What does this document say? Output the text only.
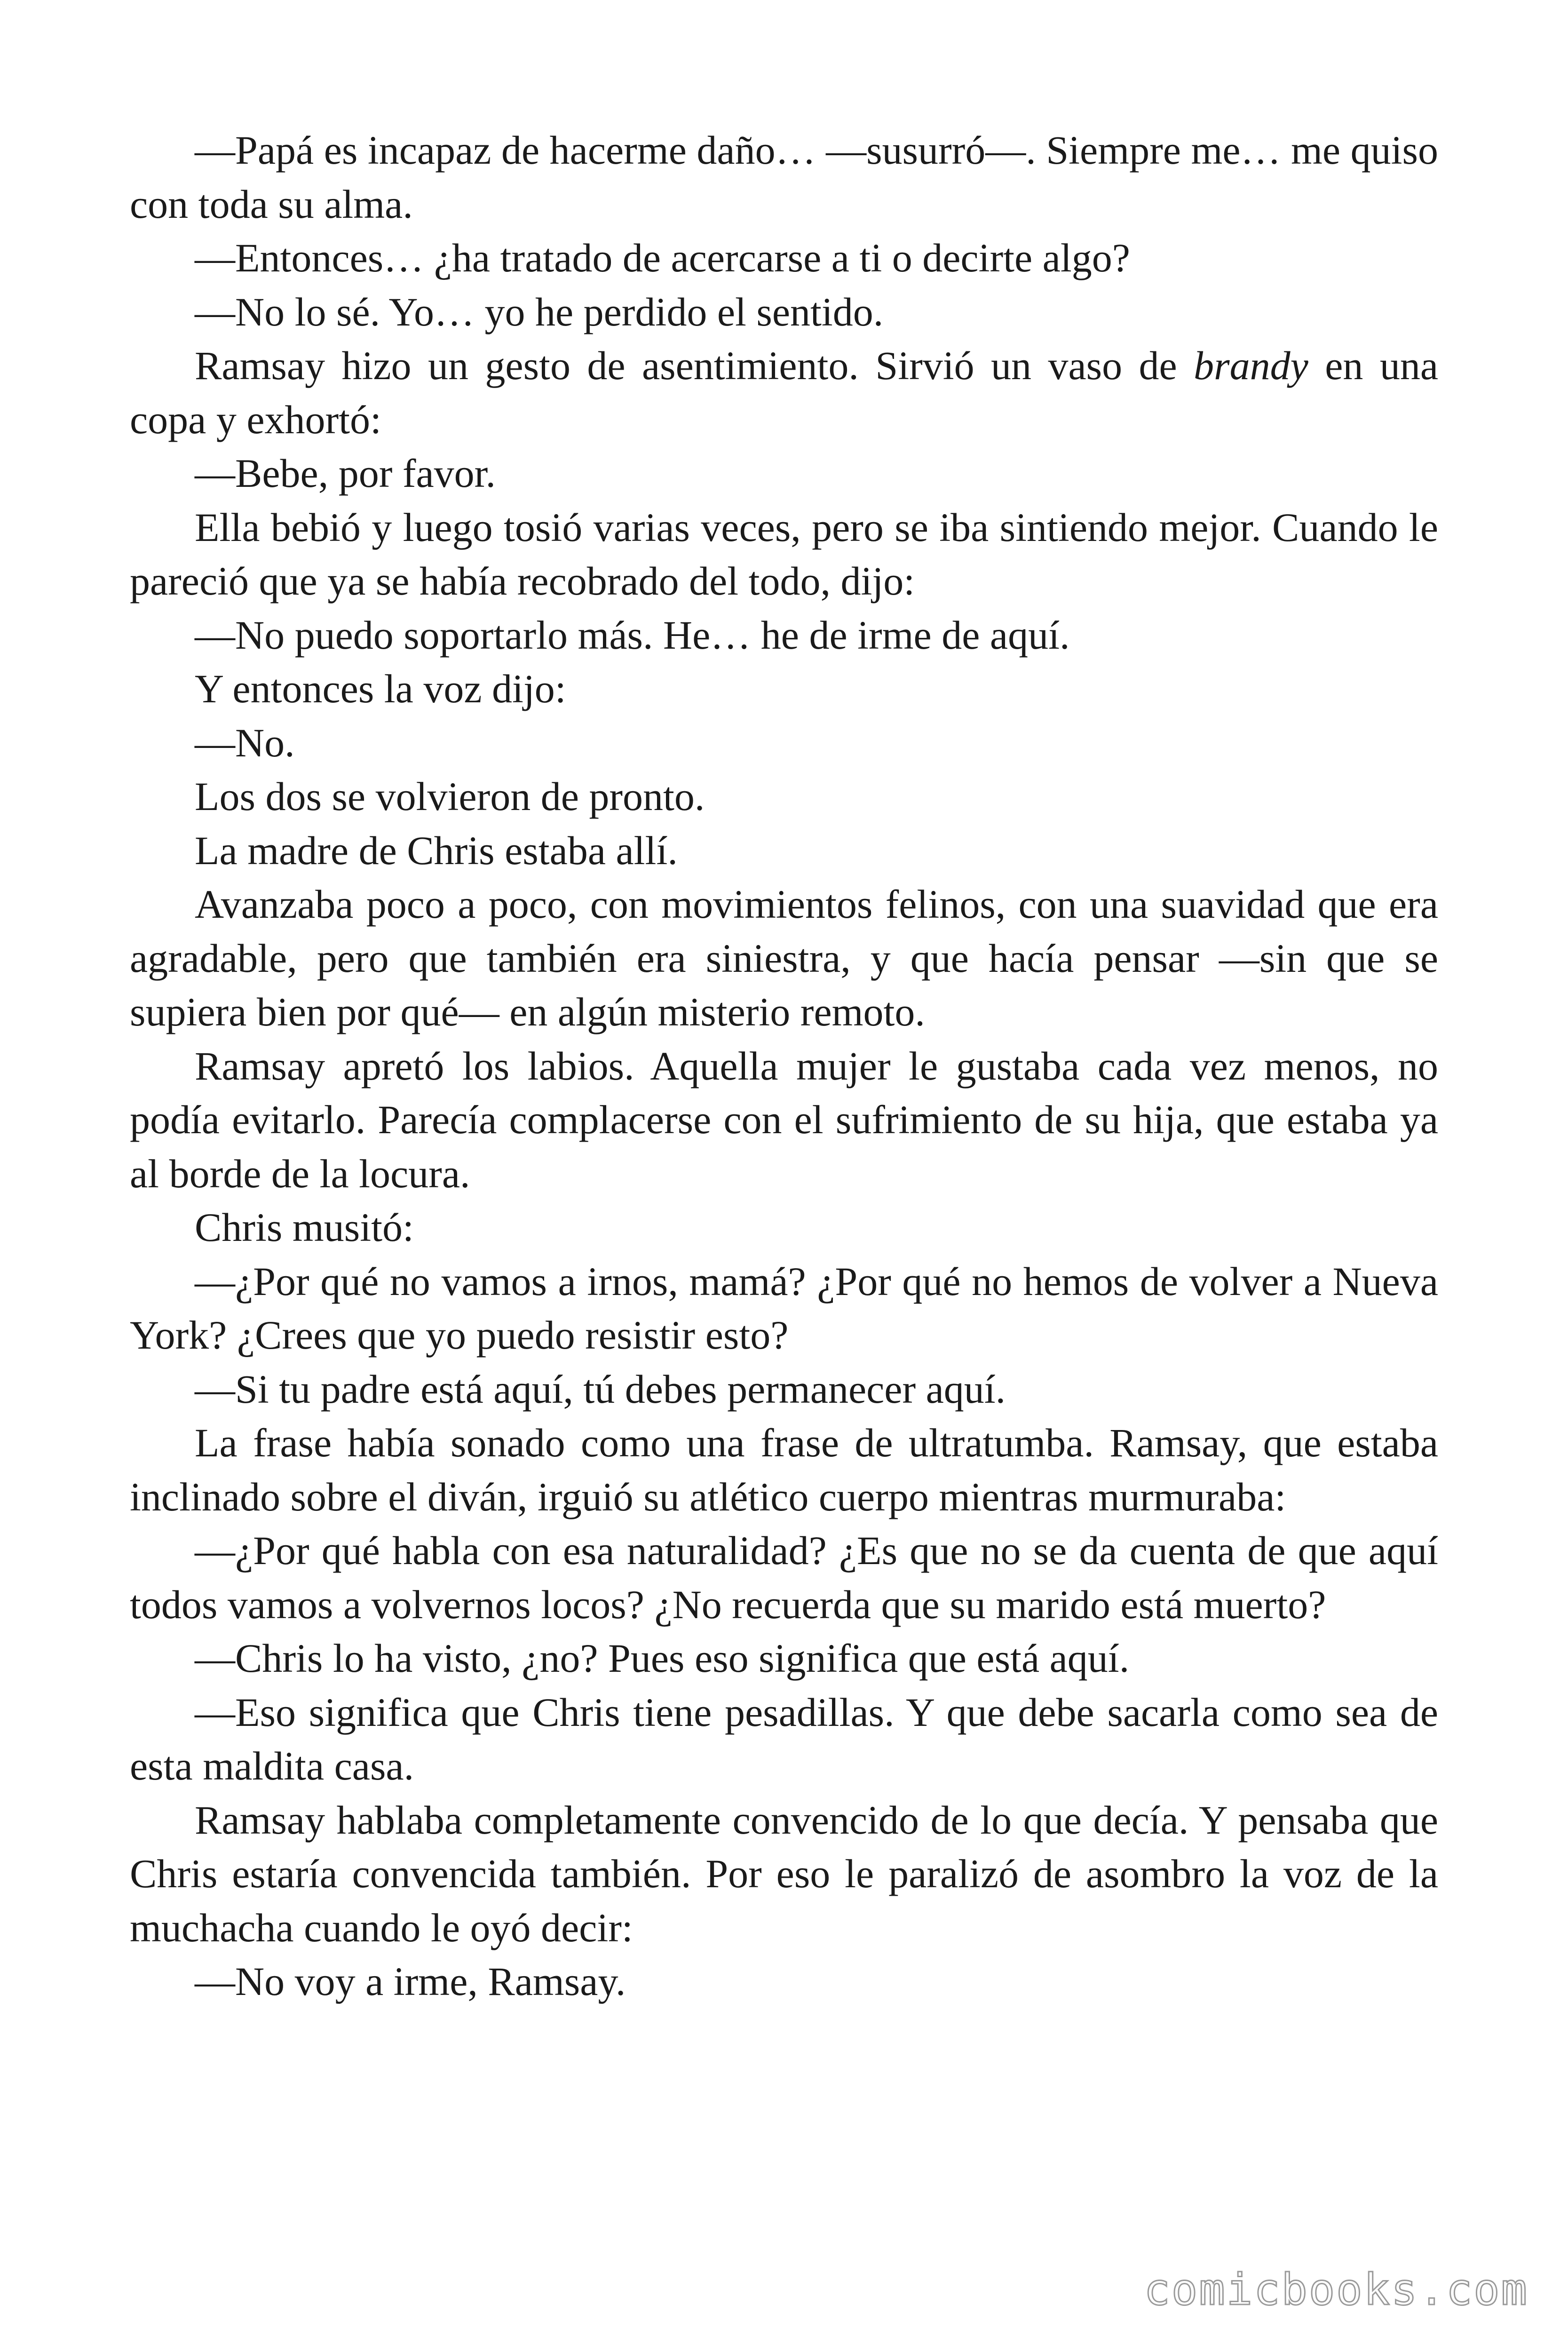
—Papá es incapaz de hacerme daño… —susurró—. Siempre me… me quiso con toda su alma.

—Entonces… ¿ha tratado de acercarse a ti o decirte algo?

—No lo sé. Yo… yo he perdido el sentido.

Ramsay hizo un gesto de asentimiento. Sirvió un vaso de brandy en una copa y exhortó:

—Bebe, por favor.

Ella bebió y luego tosió varias veces, pero se iba sintiendo mejor. Cuando le pareció que ya se había recobrado del todo, dijo:

—No puedo soportarlo más. He… he de irme de aquí.

Y entonces la voz dijo:

—No.

Los dos se volvieron de pronto.

La madre de Chris estaba allí.

Avanzaba poco a poco, con movimientos felinos, con una suavidad que era agradable, pero que también era siniestra, y que hacía pensar —sin que se supiera bien por qué— en algún misterio remoto.

Ramsay apretó los labios. Aquella mujer le gustaba cada vez menos, no podía evitarlo. Parecía complacerse con el sufrimiento de su hija, que estaba ya al borde de la locura.

Chris musitó:

—¿Por qué no vamos a irnos, mamá? ¿Por qué no hemos de volver a Nueva York? ¿Crees que yo puedo resistir esto?

—Si tu padre está aquí, tú debes permanecer aquí.

La frase había sonado como una frase de ultratumba. Ramsay, que estaba inclinado sobre el diván, irguió su atlético cuerpo mientras murmuraba:

—¿Por qué habla con esa naturalidad? ¿Es que no se da cuenta de que aquí todos vamos a volvernos locos? ¿No recuerda que su marido está muerto?

—Chris lo ha visto, ¿no? Pues eso significa que está aquí.

—Eso significa que Chris tiene pesadillas. Y que debe sacarla como sea de esta maldita casa.

Ramsay hablaba completamente convencido de lo que decía. Y pensaba que Chris estaría convencida también. Por eso le paralizó de asombro la voz de la muchacha cuando le oyó decir:

—No voy a irme, Ramsay.

comicbooks.com
